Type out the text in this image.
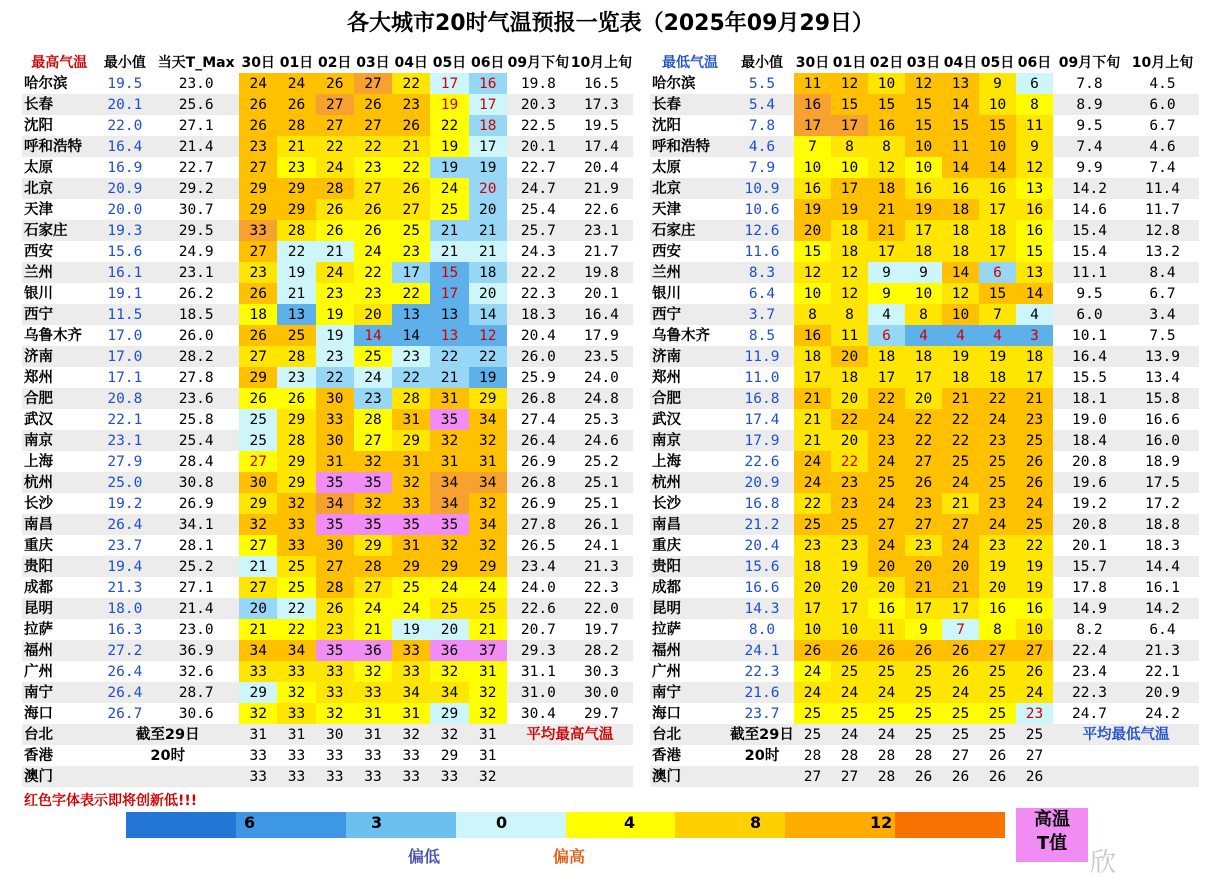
各大城市20时气温预报一览表（2025年09月29日）
最高气温	最小值	当天T_Max	30日	01日	02日	03日	04日	05日	06日	09月下旬	10月上旬
哈尔滨	19.5	23.0	24	24	26	27	22	17	16	19.8	16.5
长春	20.1	25.6	26	26	27	26	23	19	17	20.3	17.3
沈阳	22.0	27.1	26	28	27	27	26	22	18	22.5	19.5
呼和浩特	16.4	21.4	23	21	22	22	21	19	17	20.1	17.4
太原	16.9	22.7	27	23	24	23	22	19	19	22.7	20.4
北京	20.9	29.2	29	29	28	27	26	24	20	24.7	21.9
天津	20.0	30.7	29	29	26	26	27	25	20	25.4	22.6
石家庄	19.3	29.5	33	28	26	26	25	21	21	25.7	23.1
西安	15.6	24.9	27	22	21	24	23	21	21	24.3	21.7
兰州	16.1	23.1	23	19	24	22	17	15	18	22.2	19.8
银川	19.1	26.2	26	21	23	23	22	17	20	22.3	20.1
西宁	11.5	18.5	18	13	19	20	13	13	14	18.3	16.4
乌鲁木齐	17.0	26.0	26	25	19	14	14	13	12	20.4	17.9
济南	17.0	28.2	27	28	23	25	23	22	22	26.0	23.5
郑州	17.1	27.8	29	23	22	24	22	21	19	25.9	24.0
合肥	20.8	23.6	26	26	30	23	28	31	29	26.8	24.8
武汉	22.1	25.8	25	29	33	28	31	35	34	27.4	25.3
南京	23.1	25.4	25	28	30	27	29	32	32	26.4	24.6
上海	27.9	28.4	27	29	31	32	31	31	31	26.9	25.2
杭州	25.0	30.8	30	29	35	35	32	34	34	26.8	25.1
长沙	19.2	26.9	29	32	34	32	33	34	32	26.9	25.1
南昌	26.4	34.1	32	33	35	35	35	35	34	27.8	26.1
重庆	23.7	28.1	27	33	30	29	31	32	32	26.5	24.1
贵阳	19.4	25.2	21	25	27	28	29	29	29	23.4	21.3
成都	21.3	27.1	27	25	28	27	25	24	24	24.0	22.3
昆明	18.0	21.4	20	22	26	24	24	25	25	22.6	22.0
拉萨	16.3	23.0	21	22	23	21	19	20	21	20.7	19.7
福州	27.2	36.9	34	34	35	36	33	36	37	29.3	28.2
广州	26.4	32.6	33	33	33	32	33	32	31	31.1	30.3
南宁	26.4	28.7	29	32	33	33	34	34	32	31.0	30.0
海口	26.7	30.6	32	33	32	31	31	29	32	30.4	29.7
台北	截至29日		31	31	30	31	32	32	31	平均最高气温	
香港	20时		33	33	33	33	33	29	31		
澳门			33	33	33	33	33	33	32		
最低气温	最小值	30日	01日	02日	03日	04日	05日	06日	09月下旬	10月上旬
哈尔滨	5.5	11	12	10	12	13	9	6	7.8	4.5
长春	5.4	16	15	15	15	14	10	8	8.9	6.0
沈阳	7.8	17	17	16	15	15	15	11	9.5	6.7
呼和浩特	4.6	7	8	8	10	11	10	9	7.4	4.6
太原	7.9	10	10	12	10	14	14	12	9.9	7.4
北京	10.9	16	17	18	16	16	16	13	14.2	11.4
天津	10.6	19	19	21	19	18	17	16	14.6	11.7
石家庄	12.6	20	18	21	17	18	18	16	15.4	12.8
西安	11.6	15	18	17	18	18	17	15	15.4	13.2
兰州	8.3	12	12	9	9	14	6	13	11.1	8.4
银川	6.4	10	12	9	10	12	15	14	9.5	6.7
西宁	3.7	8	8	4	8	10	7	4	6.0	3.4
乌鲁木齐	8.5	16	11	6	4	4	4	3	10.1	7.5
济南	11.9	18	20	18	18	19	19	18	16.4	13.9
郑州	11.0	17	18	17	17	18	18	17	15.5	13.4
合肥	16.8	21	20	22	20	21	22	21	18.1	15.8
武汉	17.4	21	22	24	22	22	24	23	19.0	16.6
南京	17.9	21	20	23	22	22	23	25	18.4	16.0
上海	22.6	24	22	24	27	25	25	26	20.8	18.9
杭州	20.9	24	23	25	26	24	25	26	19.6	17.5
长沙	16.8	22	23	24	23	21	23	24	19.2	17.2
南昌	21.2	25	25	27	27	27	24	25	20.8	18.8
重庆	20.4	23	23	24	23	24	23	22	20.1	18.3
贵阳	15.6	18	19	20	20	20	19	19	15.7	14.4
成都	16.6	20	20	20	21	21	20	19	17.8	16.1
昆明	14.3	17	17	16	17	17	16	16	14.9	14.2
拉萨	8.0	10	10	11	9	7	8	10	8.2	6.4
福州	24.1	26	26	26	26	26	27	27	22.4	21.3
广州	22.3	24	25	25	25	26	25	26	23.4	22.1
南宁	21.6	24	24	24	25	24	25	24	22.3	20.9
海口	23.7	25	25	25	25	25	25	23	24.7	24.2
台北	截至29日	25	24	24	25	25	25	25	平均最低气温	
香港	20时	28	28	28	28	27	26	27		
澳门		27	27	28	26	26	26	26		
红色字体表示即将创新低!!!
6	3	0	4	8	12
偏低	偏高
高温
T值
欣
